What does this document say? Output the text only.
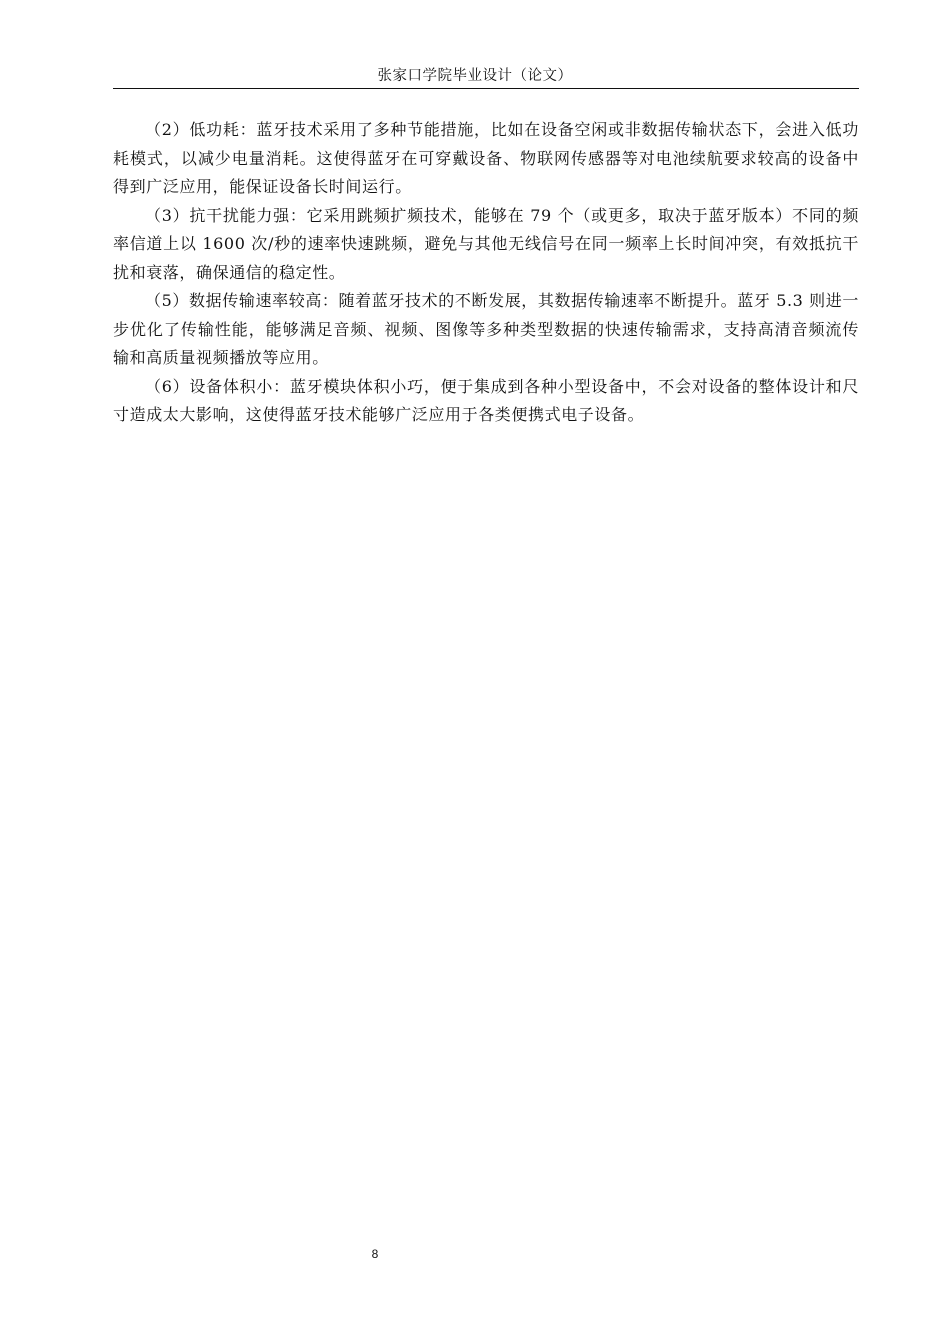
张家口学院毕业设计（论文）

（2）低功耗：蓝牙技术采用了多种节能措施，比如在设备空闲或非数据传输状态下，会进入低功耗模式，以减少电量消耗。这使得蓝牙在可穿戴设备、物联网传感器等对电池续航要求较高的设备中得到广泛应用，能保证设备长时间运行。

（3）抗干扰能力强：它采用跳频扩频技术，能够在 79 个（或更多，取决于蓝牙版本）不同的频率信道上以 1600 次/秒的速率快速跳频，避免与其他无线信号在同一频率上长时间冲突，有效抵抗干扰和衰落，确保通信的稳定性。

（5）数据传输速率较高：随着蓝牙技术的不断发展，其数据传输速率不断提升。蓝牙 5.3 则进一步优化了传输性能，能够满足音频、视频、图像等多种类型数据的快速传输需求，支持高清音频流传输和高质量视频播放等应用。

（6）设备体积小：蓝牙模块体积小巧，便于集成到各种小型设备中，不会对设备的整体设计和尺寸造成太大影响，这使得蓝牙技术能够广泛应用于各类便携式电子设备。

8
